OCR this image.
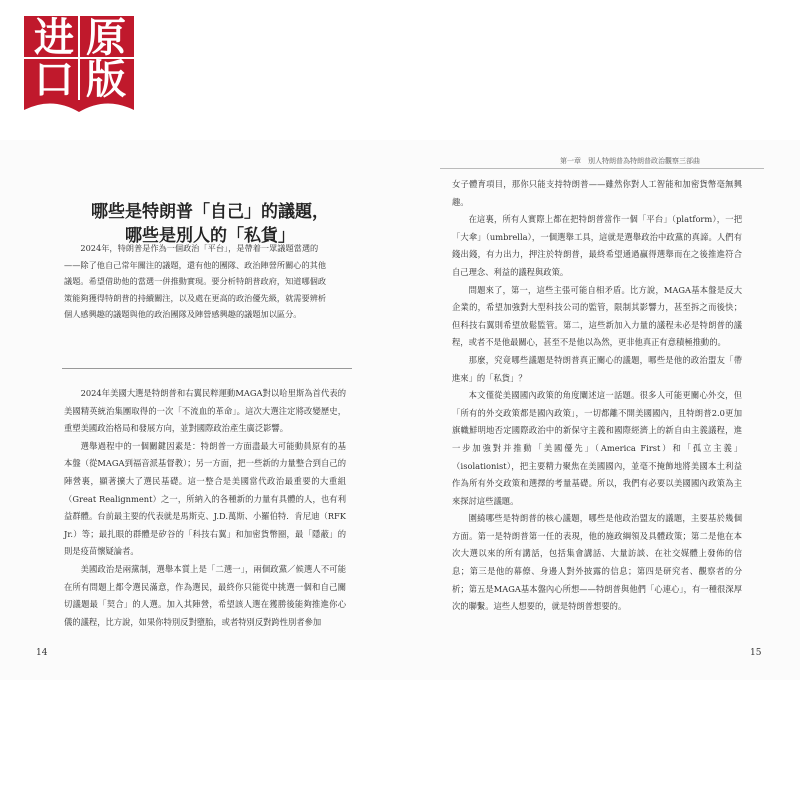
进 原
口 版
哪些是特朗普「自己」的議題，
哪些是別人的「私貨」
2024年，特朗普是作為一個政治「平台」，是帶着一眾議題當選的——除了他自己常年關注的議題，還有他的團隊、政治陣營所關心的其他議題。希望借助他的當選一併推動實現。要分析特朗普政府，知道哪個政策能夠獲得特朗普的持續關注，以及處在更高的政治優先級，就需要辨析個人感興趣的議題與他的政治團隊及陣營感興趣的議題加以區分。

2024年美國大選是特朗普和右翼民粹運動MAGA對以哈里斯為首代表的美國精英統治集團取得的一次「不流血的革命」。這次大選注定將改變歷史，重塑美國政治格局和發展方向，並對國際政治產生廣泛影響。

選舉過程中的一個關鍵因素是：特朗普一方面盡最大可能動員原有的基本盤（從MAGA到福音派基督教）；另一方面，把一些新的力量整合到自己的陣營裏，顯著擴大了選民基礎。這一整合是美國當代政治最重要的大重組（Great Realignment）之一，所納入的各種新的力量有具體的人，也有利益群體。台前最主要的代表就是馬斯克、J.D.萬斯、小羅伯特．肯尼迪（RFK Jr.）等；最扎眼的群體是矽谷的「科技右翼」和加密貨幣圈，最「隱蔽」的則是疫苗懷疑論者。

美國政治是兩黨制，選舉本質上是「二選一」，兩個政黨／候選人不可能在所有問題上都令選民滿意，作為選民，最終你只能從中挑選一個和自己關切議題最「契合」的人選。加入其陣營，希望該人選在獲勝後能夠推進你心儀的議程，比方說，如果你特別反對墮胎，或者特別反對跨性別者參加

14
第一章　別人特朗普為特朗普政治觀察三部曲

女子體育項目，那你只能支持特朗普——雖然你對人工智能和加密貨幣毫無興趣。

在這裏，所有人實際上都在把特朗普當作一個「平台」（platform），一把「大傘」（umbrella），一個選舉工具，這就是選舉政治中政黨的真諦。人們有錢出錢，有力出力，押注於特朗普，最終希望通過贏得選舉而在之後推進符合自己理念、利益的議程與政策。

問題來了，第一，這些主張可能自相矛盾。比方說，MAGA基本盤是反大企業的，希望加強對大型科技公司的監管，限制其影響力，甚至拆之而後快；但科技右翼則希望放鬆監管。第二，這些新加入力量的議程未必是特朗普的議程，或者不是他最關心，甚至不是他以為然，更非他真正有意積極推動的。

那麼，究竟哪些議題是特朗普真正關心的議題，哪些是他的政治盟友「帶進來」的「私貨」？

本文僅從美國國內政策的角度闡述這一話題。很多人可能更關心外交，但「所有的外交政策都是國內政策」，一切都離不開美國國內，且特朗普2.0更加旗幟鮮明地否定國際政治中的新保守主義和國際經濟上的新自由主義議程，進一步加強對并推動「美國優先」（America First）和「孤立主義」（isolationist），把主要精力聚焦在美國國內，並毫不掩飾地將美國本土利益作為所有外交政策和選擇的考量基礎。所以，我們有必要以美國國內政策為主來探討這些議題。

圍繞哪些是特朗普的核心議題，哪些是他政治盟友的議題，主要基於幾個方面。第一是特朗普第一任的表現，他的施政綱領及具體政策；第二是他在本次大選以來的所有講話，包括集會講話、大量訪談、在社交媒體上發佈的信息；第三是他的幕僚、身邊人對外披露的信息；第四是研究者、觀察者的分析；第五是MAGA基本盤內心所想——特朗普與他們「心連心」，有一種很深厚次的聯繫。這些人想要的，就是特朗普想要的。

15
